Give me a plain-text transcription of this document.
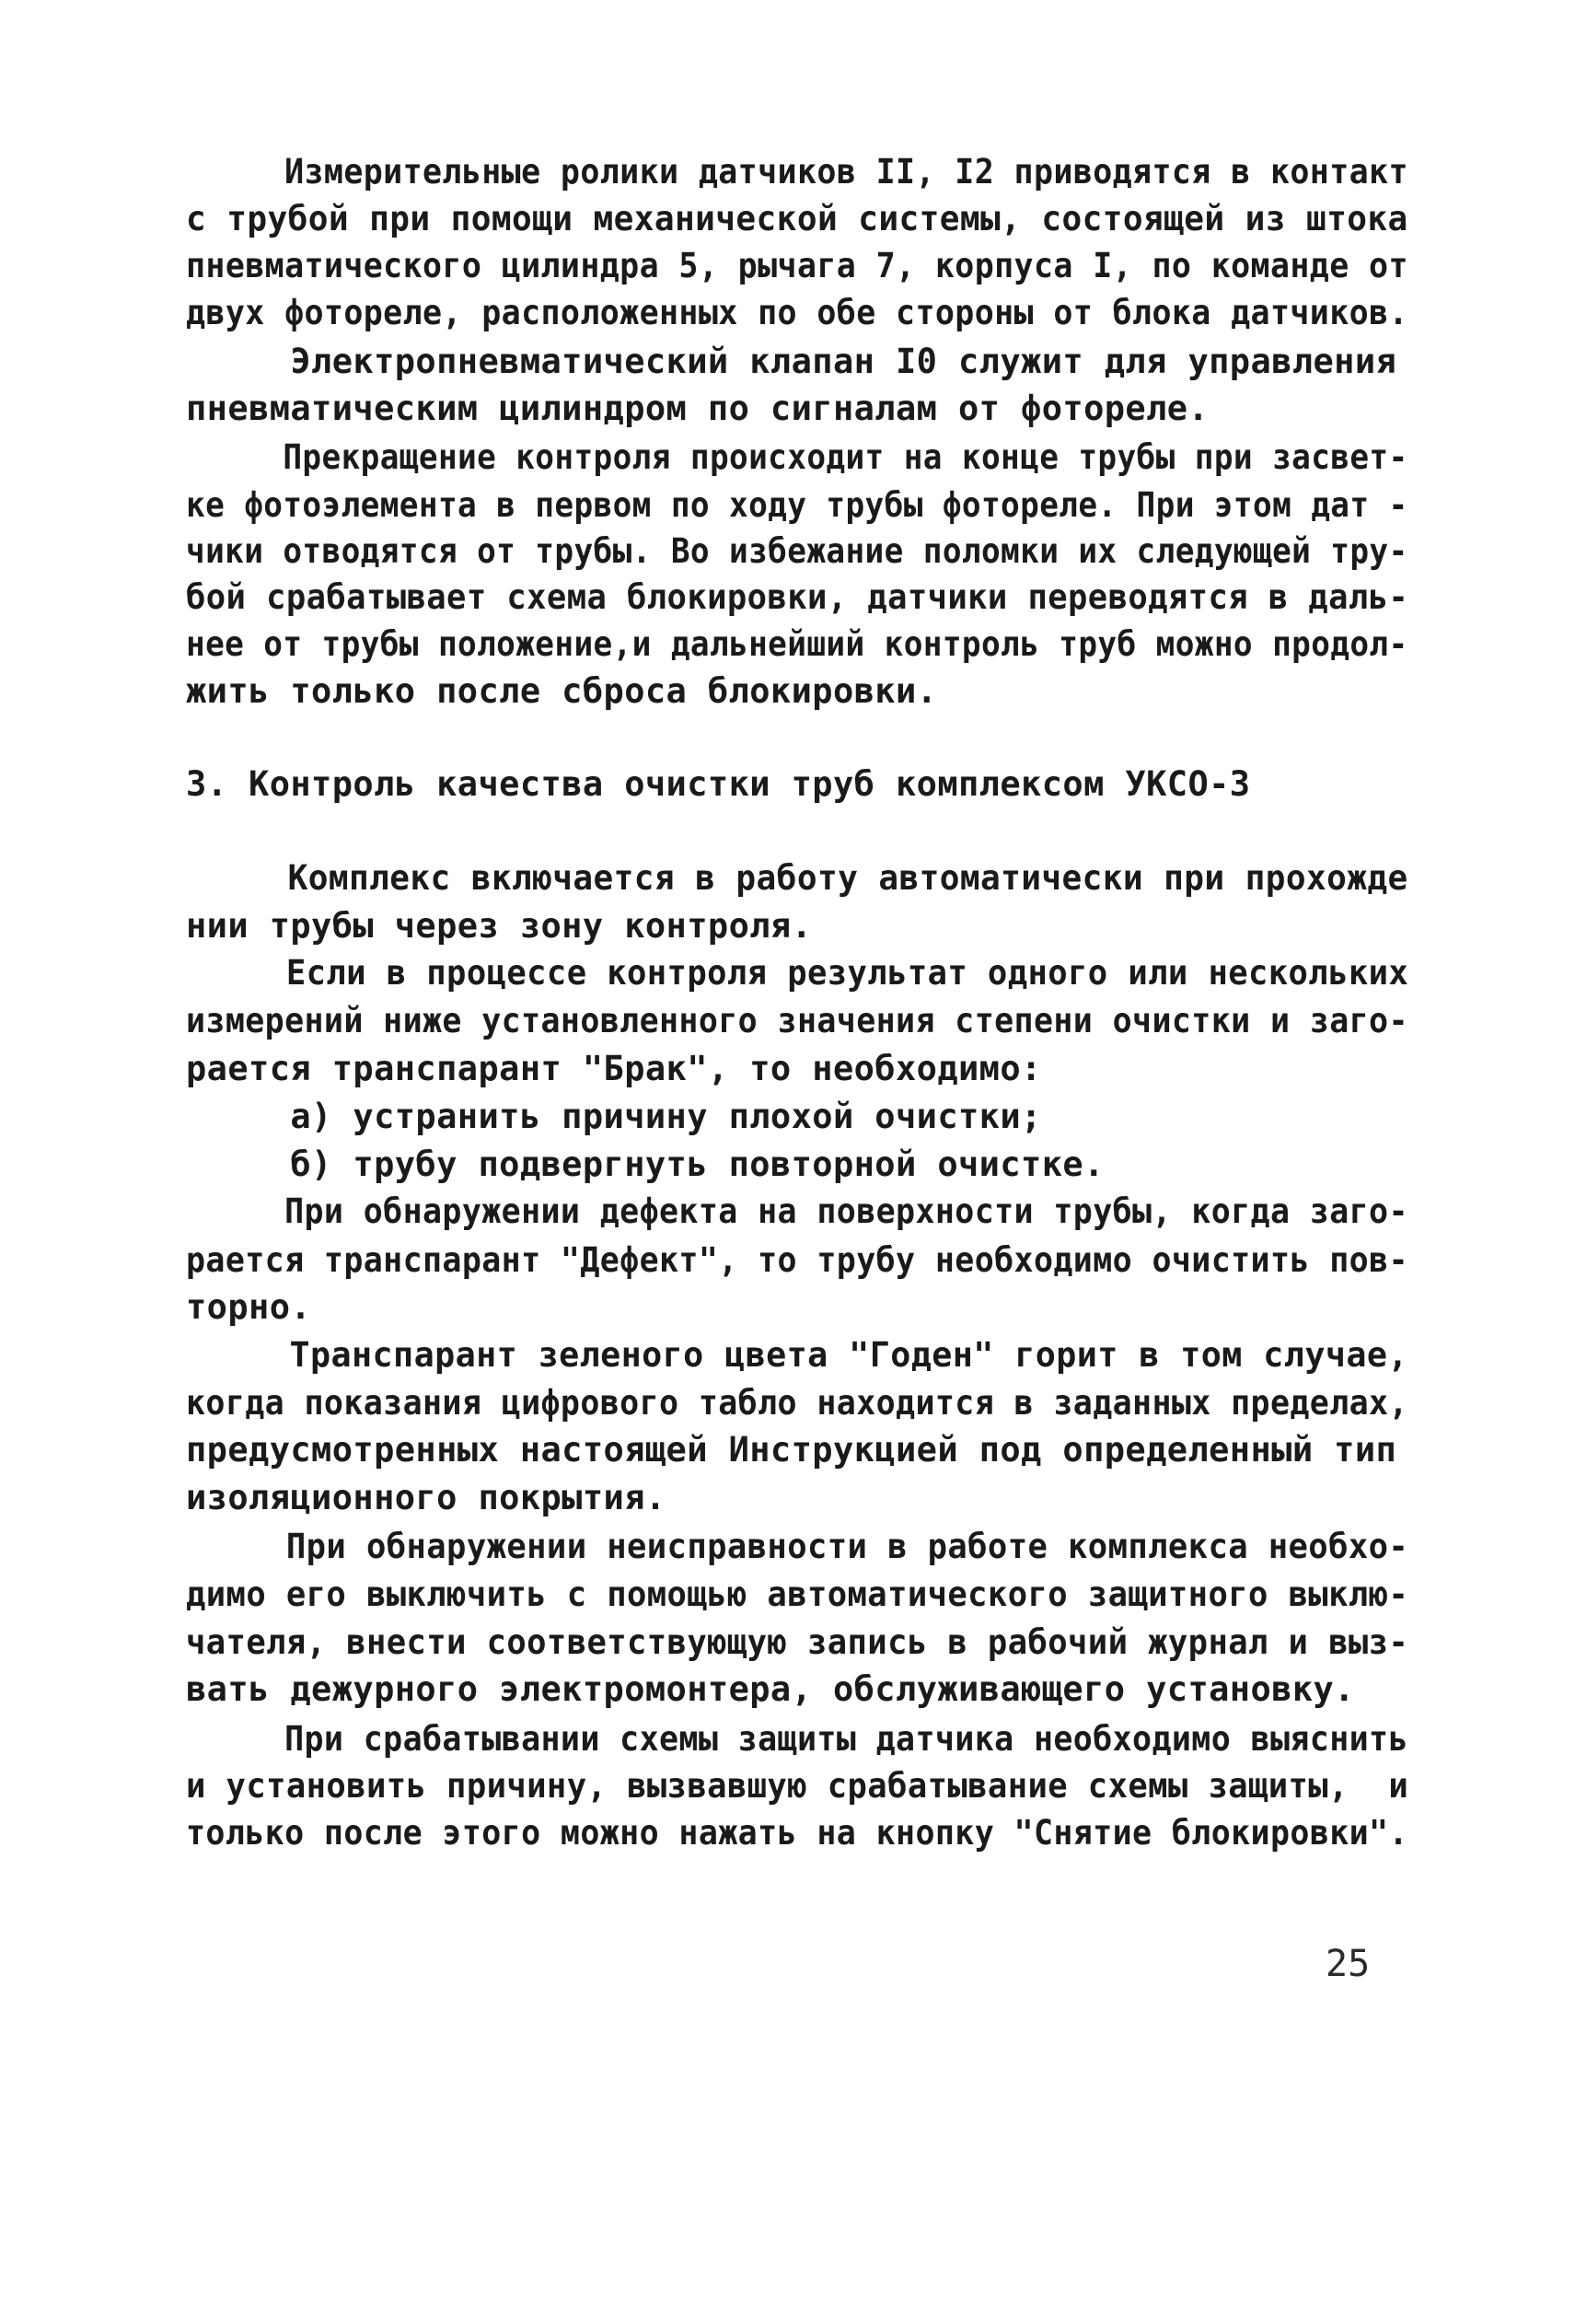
Измерительные ролики датчиков II, I2 приводятся в контакт
с трубой при помощи механической системы, состоящей из штока
пневматического цилиндра 5, рычага 7, корпуса I, по команде от
двух фотореле, расположенных по обе стороны от блока датчиков.
Электропневматический клапан I0 служит для управления
пневматическим цилиндром по сигналам от фотореле.
Прекращение контроля происходит на конце трубы при засвет-
ке фотоэлемента в первом по ходу трубы фотореле. При этом дат -
чики отводятся от трубы. Во избежание поломки их следующей тру-
бой срабатывает схема блокировки, датчики переводятся в даль-
нее от трубы положение,и дальнейший контроль труб можно продол-
жить только после сброса блокировки.
3. Контроль качества очистки труб комплексом УКСО-3
Комплекс включается в работу автоматически при прохожде
нии трубы через зону контроля.
Если в процессе контроля результат одного или нескольких
измерений ниже установленного значения степени очистки и заго-
рается транспарант "Брак", то необходимо:
а) устранить причину плохой очистки;
б) трубу подвергнуть повторной очистке.
При обнаружении дефекта на поверхности трубы, когда заго-
рается транспарант "Дефект", то трубу необходимо очистить пов-
торно.
Транспарант зеленого цвета "Годен" горит в том случае,
когда показания цифрового табло находится в заданных пределах,
предусмотренных настоящей Инструкцией под определенный тип
изоляционного покрытия.
При обнаружении неисправности в работе комплекса необхо-
димо его выключить с помощью автоматического защитного выклю-
чателя, внести соответствующую запись в рабочий журнал и выз-
вать дежурного электромонтера, обслуживающего установку.
При срабатывании схемы защиты датчика необходимо выяснить
и установить причину, вызвавшую срабатывание схемы защиты,  и
только после этого можно нажать на кнопку "Снятие блокировки".
25
